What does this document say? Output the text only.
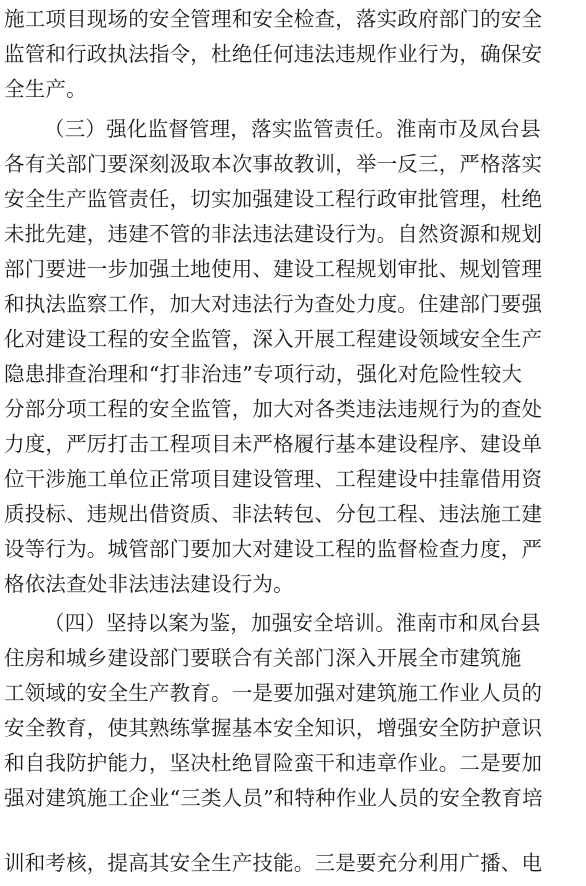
施工项目现场的安全管理和安全检查，落实政府部门的安全
监管和行政执法指令，杜绝任何违法违规作业行为，确保安
全生产。
（三）强化监督管理，落实监管责任。淮南市及凤台县
各有关部门要深刻汲取本次事故教训，举一反三，严格落实
安全生产监管责任，切实加强建设工程行政审批管理，杜绝
未批先建，违建不管的非法违法建设行为。自然资源和规划
部门要进一步加强土地使用、建设工程规划审批、规划管理
和执法监察工作，加大对违法行为查处力度。住建部门要强
化对建设工程的安全监管，深入开展工程建设领域安全生产
隐患排查治理和“打非治违”专项行动，强化对危险性较大
分部分项工程的安全监管，加大对各类违法违规行为的查处
力度，严厉打击工程项目未严格履行基本建设程序、建设单
位干涉施工单位正常项目建设管理、工程建设中挂靠借用资
质投标、违规出借资质、非法转包、分包工程、违法施工建
设等行为。城管部门要加大对建设工程的监督检查力度，严
格依法查处非法违法建设行为。
（四）坚持以案为鉴，加强安全培训。淮南市和凤台县
住房和城乡建设部门要联合有关部门深入开展全市建筑施
工领域的安全生产教育。一是要加强对建筑施工作业人员的
安全教育，使其熟练掌握基本安全知识，增强安全防护意识
和自我防护能力，坚决杜绝冒险蛮干和违章作业。二是要加
强对建筑施工企业“三类人员”和特种作业人员的安全教育培
训和考核，提高其安全生产技能。三是要充分利用广播、电
